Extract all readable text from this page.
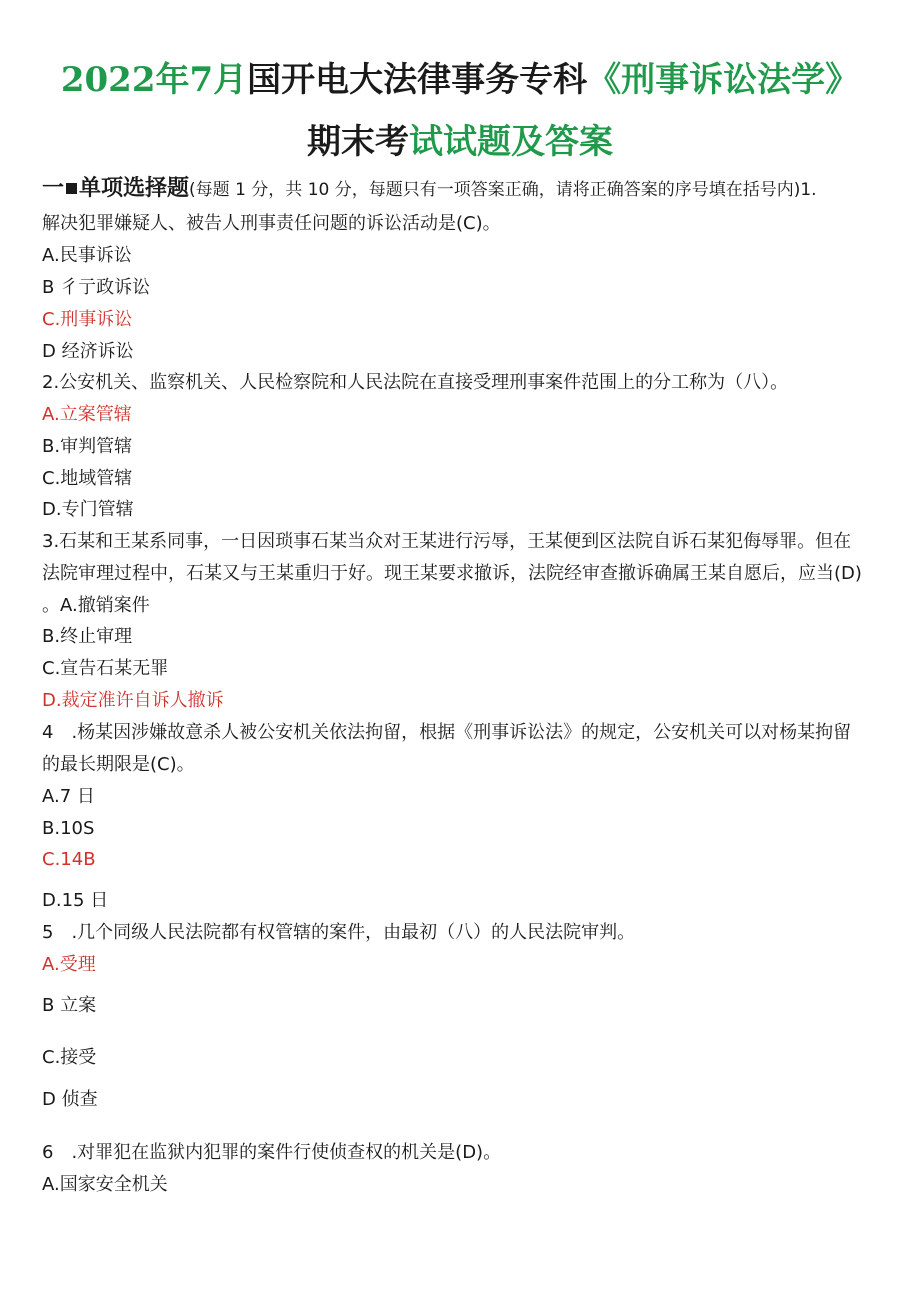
2022年7月国开电大法律事务专科《刑事诉讼法学》
期末考试试题及答案
一 单项选择题(每题 1 分，共 10 分，每题只有一项答案正确，请将正确答案的序号填在括号内)1.
解决犯罪嫌疑人、被告人刑事责任问题的诉讼活动是(C)。
A.民事诉讼
B 彳亍政诉讼
C.刑事诉讼
D 经济诉讼
2.公安机关、监察机关、人民检察院和人民法院在直接受理刑事案件范围上的分工称为（八）。
A.立案管辖
B.审判管辖
C.地域管辖
D.专门管辖
3.石某和王某系同事，一日因琐事石某当众对王某进行污辱，王某便到区法院自诉石某犯侮辱罪。但在
法院审理过程中，石某又与王某重归于好。现王某要求撤诉，法院经审查撤诉确属王某自愿后，应当(D)
。A.撤销案件
B.终止审理
C.宣告石某无罪
D.裁定准许自诉人撤诉
4　.杨某因涉嫌故意杀人被公安机关依法拘留，根据《刑事诉讼法》的规定，公安机关可以对杨某拘留
的最长期限是(C)。
A.7 日
B.10S
C.14B
D.15 日
5　.几个同级人民法院都有权管辖的案件，由最初（八）的人民法院审判。
A.受理
B 立案
C.接受
D 侦查
6　.对罪犯在监狱内犯罪的案件行使侦查权的机关是(D)。
A.国家安全机关
